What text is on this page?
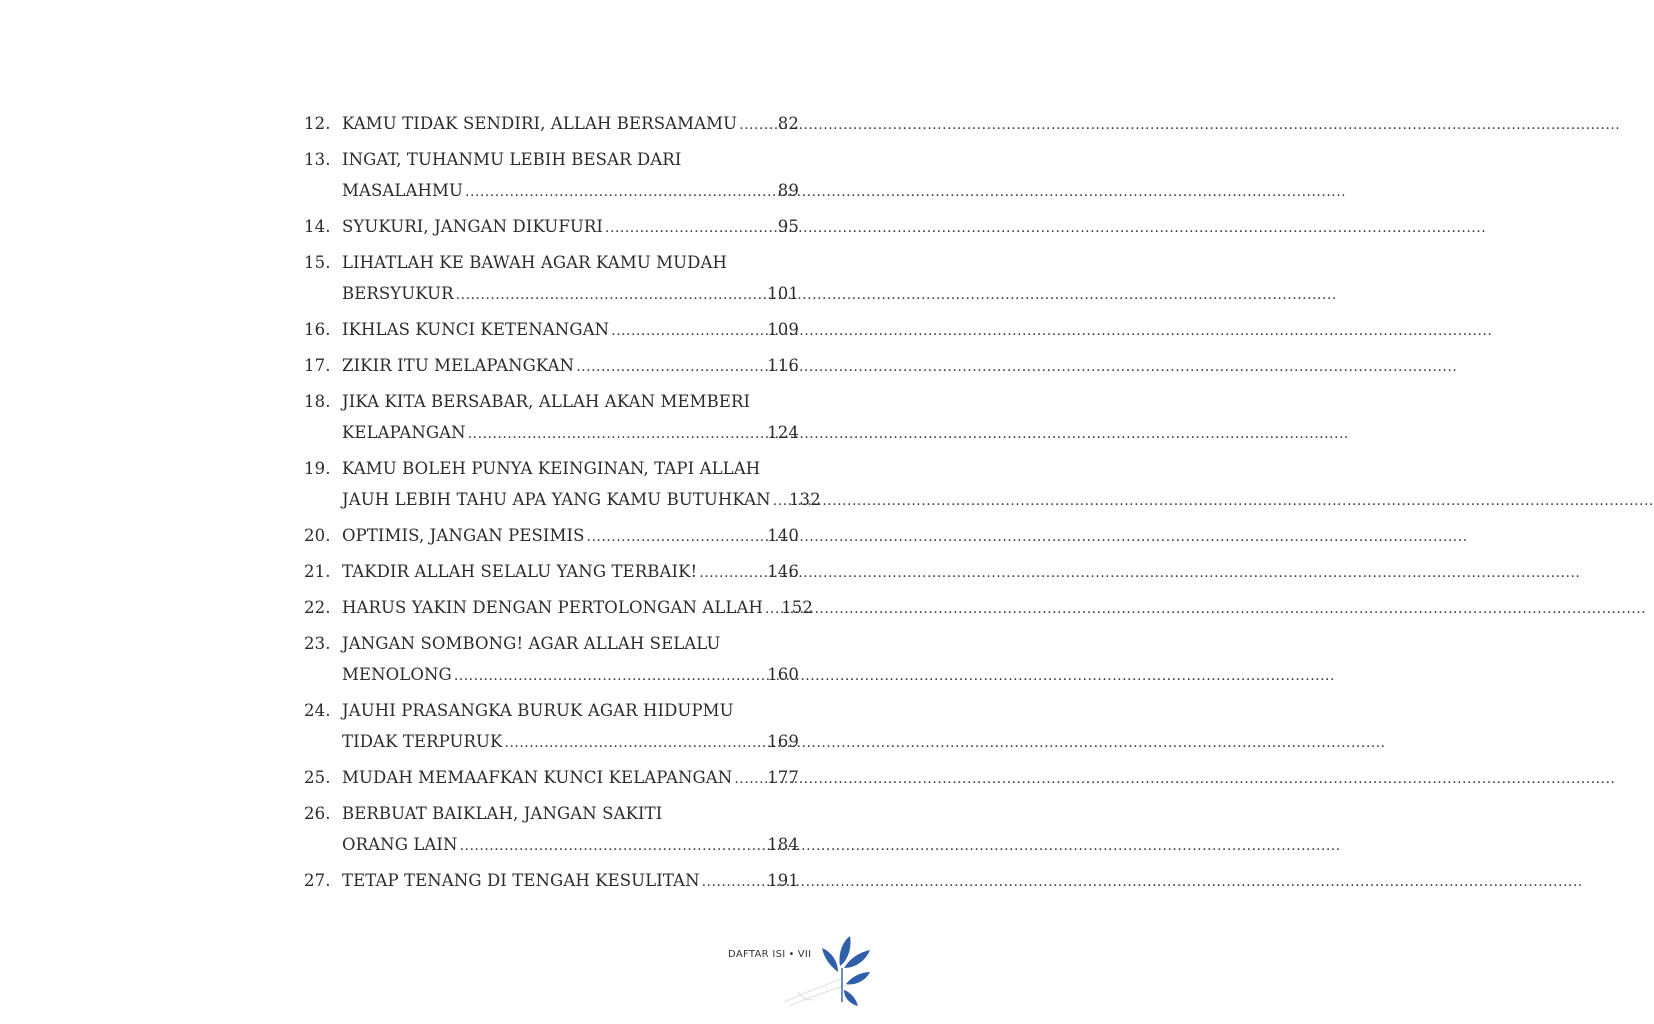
12. KAMU TIDAK SENDIRI, ALLAH BERSAMAMU .....	82
13. INGAT, TUHANMU LEBIH BESAR DARI
MASALAHMU .....	89
14. SYUKURI, JANGAN DIKUFURI .....	95
15. LIHATLAH KE BAWAH AGAR KAMU MUDAH
BERSYUKUR .....	101
16. IKHLAS KUNCI KETENANGAN .....	109
17. ZIKIR ITU MELAPANGKAN .....	116
18. JIKA KITA BERSABAR, ALLAH AKAN MEMBERI
KELAPANGAN .....	124
19. KAMU BOLEH PUNYA KEINGINAN, TAPI ALLAH
JAUH LEBIH TAHU APA YANG KAMU BUTUHKAN .....	132
20. OPTIMIS, JANGAN PESIMIS .....	140
21. TAKDIR ALLAH SELALU YANG TERBAIK! .....	146
22. HARUS YAKIN DENGAN PERTOLONGAN ALLAH .....	152
23. JANGAN SOMBONG! AGAR ALLAH SELALU
MENOLONG .....	160
24. JAUHI PRASANGKA BURUK AGAR HIDUPMU
TIDAK TERPURUK .....	169
25. MUDAH MEMAAFKAN KUNCI KELAPANGAN .....	177
26. BERBUAT BAIKLAH, JANGAN SAKITI
ORANG LAIN .....	184
27. TETAP TENANG DI TENGAH KESULITAN .....	191
DAFTAR ISI • VII
